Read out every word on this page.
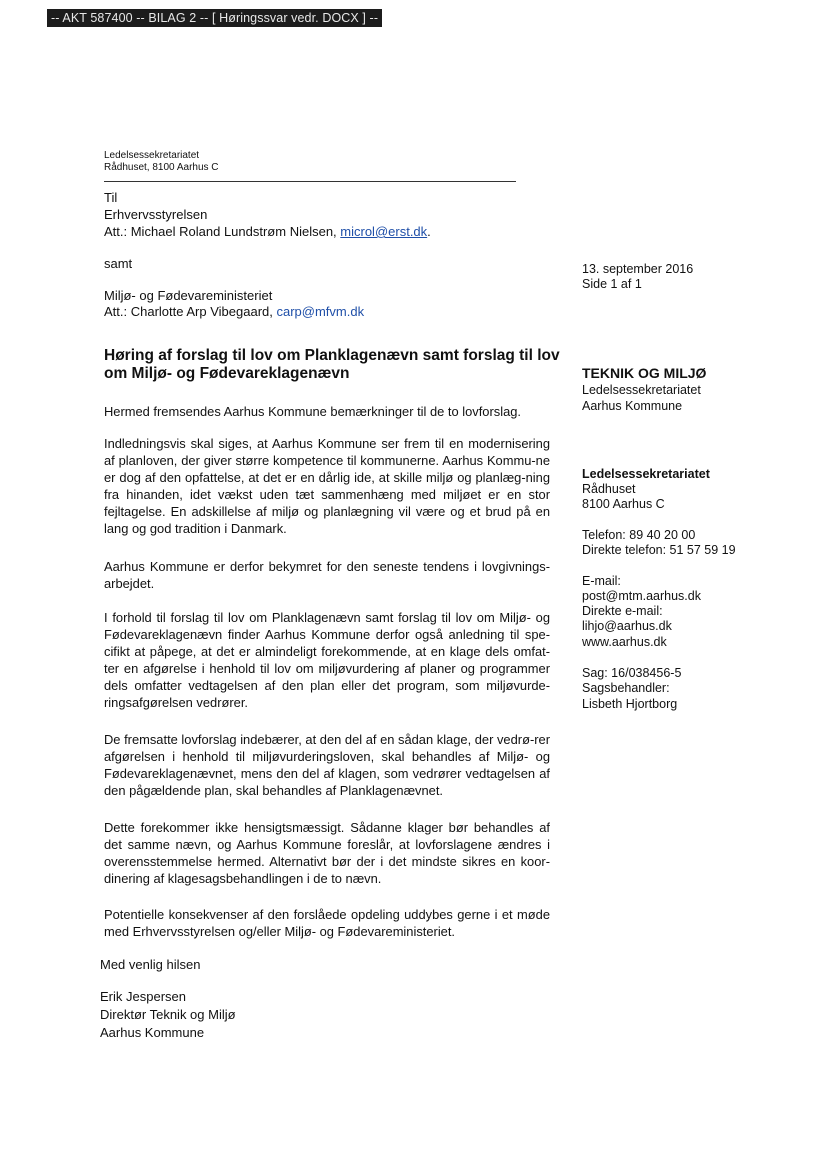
-- AKT 587400 -- BILAG 2 -- [ Høringssvar vedr. DOCX ] --
Ledelsessekretariatet
Rådhuset, 8100 Aarhus C
Til
Erhvervsstyrelsen
Att.: Michael Roland Lundstrøm Nielsen, microl@erst.dk.
samt
Miljø- og Fødevareministeriet
Att.: Charlotte Arp Vibegaard, carp@mfvm.dk
13. september 2016
Side 1 af 1
Høring af forslag til lov om Planklagenævn samt forslag til lov om Miljø- og Fødevareklagenævn
Hermed fremsendes Aarhus Kommune bemærkninger til de to lovforslag.
Indledningsvis skal siges, at Aarhus Kommune ser frem til en modernisering af planloven, der giver større kompetence til kommunerne. Aarhus Kommu-ne er dog af den opfattelse, at det er en dårlig ide, at skille miljø og planlæg-ning fra hinanden, idet vækst uden tæt sammenhæng med miljøet er en stor fejltagelse. En adskillelse af miljø og planlægning vil være og et brud på en lang og god tradition i Danmark.
Aarhus Kommune er derfor bekymret for den seneste tendens i lovgivnings-arbejdet.
I forhold til forslag til lov om Planklagenævn samt forslag til lov om Miljø- og Fødevareklagenævn finder Aarhus Kommune derfor også anledning til spe-cifikt at påpege, at det er almindeligt forekommende, at en klage dels omfat-ter en afgørelse i henhold til lov om miljøvurdering af planer og programmer dels omfatter vedtagelsen af den plan eller det program, som miljøvurde-ringsafgørelsen vedrører.
De fremsatte lovforslag indebærer, at den del af en sådan klage, der vedrø-rer afgørelsen i henhold til miljøvurderingsloven, skal behandles af Miljø- og Fødevareklagenævnet, mens den del af klagen, som vedrører vedtagelsen af den pågældende plan, skal behandles af Planklagenævnet.
Dette forekommer ikke hensigtsmæssigt. Sådanne klager bør behandles af det samme nævn, og Aarhus Kommune foreslår, at lovforslagene ændres i overensstemmelse hermed. Alternativt bør der i det mindste sikres en koor-dinering af klagesagsbehandlingen i de to nævn.
Potentielle konsekvenser af den forslåede opdeling uddybes gerne i et møde med Erhvervsstyrelsen og/eller Miljø- og Fødevareministeriet.
Med venlig hilsen
Erik Jespersen
Direktør Teknik og Miljø
Aarhus Kommune
TEKNIK OG MILJØ
Ledelsessekretariatet
Aarhus Kommune
Ledelsessekretariatet
Rådhuset
8100 Aarhus C
Telefon: 89 40 20 00
Direkte telefon: 51 57 59 19
E-mail:
post@mtm.aarhus.dk
Direkte e-mail:
lihjo@aarhus.dk
www.aarhus.dk
Sag: 16/038456-5
Sagsbehandler:
Lisbeth Hjortborg
